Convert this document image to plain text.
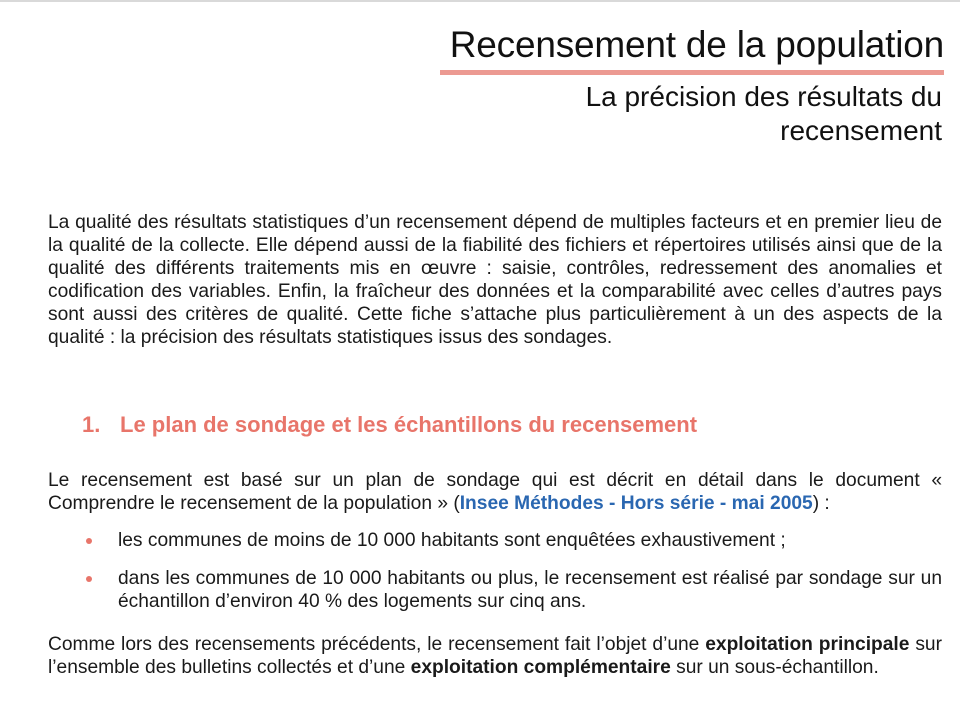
Recensement de la population
La précision des résultats du
recensement

La qualité des résultats statistiques d’un recensement dépend de multiples facteurs et en premier lieu de la qualité de la collecte. Elle dépend aussi de la fiabilité des fichiers et répertoires utilisés ainsi que de la qualité des différents traitements mis en œuvre : saisie, contrôles, redressement des anomalies et codification des variables. Enfin, la fraîcheur des données et la comparabilité avec celles d’autres pays sont aussi des critères de qualité. Cette fiche s’attache plus particulièrement à un des aspects de la qualité : la précision des résultats statistiques issus des sondages.

1. Le plan de sondage et les échantillons du recensement

Le recensement est basé sur un plan de sondage qui est décrit en détail dans le document « Comprendre le recensement de la population » (Insee Méthodes - Hors série - mai 2005) :

les communes de moins de 10 000 habitants sont enquêtées exhaustivement ;
dans les communes de 10 000 habitants ou plus, le recensement est réalisé par sondage sur un échantillon d’environ 40 % des logements sur cinq ans.

Comme lors des recensements précédents, le recensement fait l’objet d’une exploitation principale sur l’ensemble des bulletins collectés et d’une exploitation complémentaire sur un sous-échantillon.
